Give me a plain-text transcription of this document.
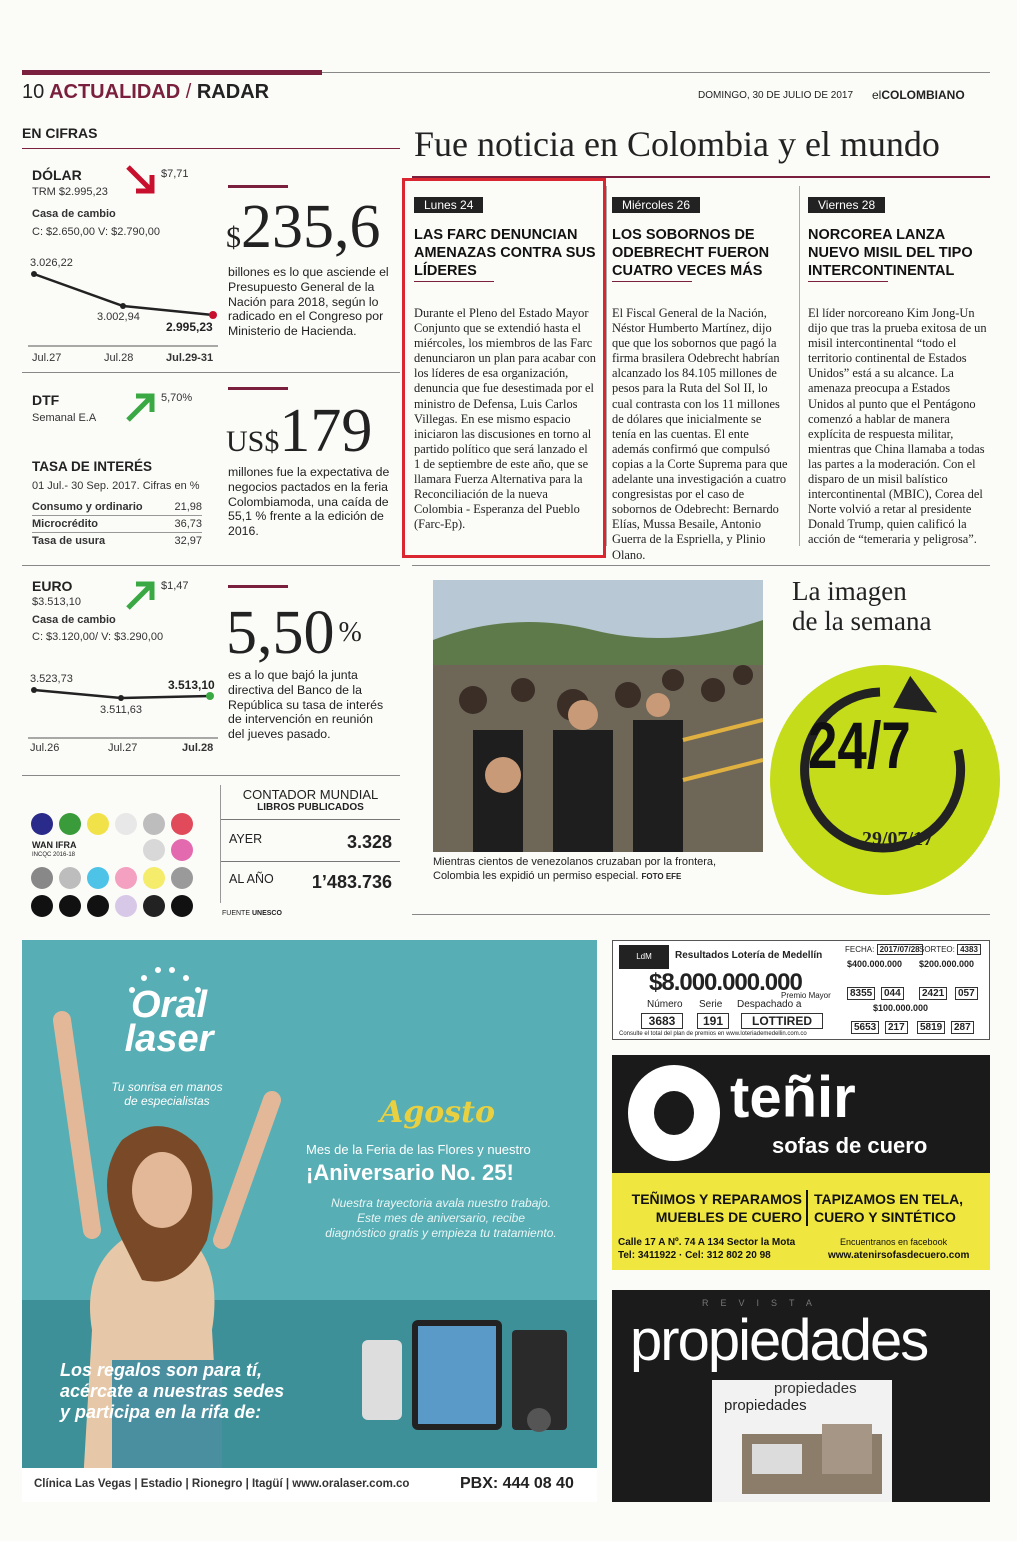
10 ACTUALIDAD / RADAR	DOMINGO, 30 DE JULIO DE 2017 elCOLOMBIANO
EN CIFRAS
DÓLAR	$7,71
TRM $2.995,23
Casa de cambio
C: $2.650,00 V: $2.790,00
3.026,22
3.002,94
2.995,23
Jul.27	Jul.28	Jul.29-31
$235,6
billones es lo que asciende el Presupuesto General de la Nación para 2018, según lo radicado en el Congreso por Ministerio de Hacienda.
DTF
Semanal E.A
5,70%
TASA DE INTERÉS
01 Jul.- 30 Sep. 2017. Cifras en %
Consumo y ordinario	21,98
Microcrédito	36,73
Tasa de usura	32,97
US$179
millones fue la expectativa de negocios pactados en la feria Colombiamoda, una caída de 55,1 % frente a la edición de 2016.
EURO
$3.513,10
$1,47
Casa de cambio
C: $3.120,00/ V: $3.290,00
3.523,73
3.511,63
3.513,10
Jul.26	Jul.27	Jul.28
5,50 %
es a lo que bajó la junta directiva del Banco de la República su tasa de interés de intervención en reunión del jueves pasado.
WAN IFRA
INCQC 2016-18
CONTADOR MUNDIAL
LIBROS PUBLICADOS
AYER	3.328
AL AÑO 1’483.736
FUENTE UNESCO
Fue noticia en Colombia y el mundo
Lunes 24
LAS FARC DENUNCIAN AMENAZAS CONTRA SUS LÍDERES
Durante el Pleno del Estado Mayor Conjunto que se extendió hasta el miércoles, los miembros de las Farc denunciaron un plan para acabar con los líderes de esa organización, denuncia que fue desestimada por el ministro de Defensa, Luis Carlos Villegas. En ese mismo espacio iniciaron las discusiones en torno al partido político que será lanzado el 1 de septiembre de este año, que se llamara Fuerza Alternativa para la Reconciliación de la nueva Colombia - Esperanza del Pueblo (Farc-Ep).
Miércoles 26
LOS SOBORNOS DE ODEBRECHT FUERON CUATRO VECES MÁS
El Fiscal General de la Nación, Néstor Humberto Martínez, dijo que que los sobornos que pagó la firma brasilera Odebrecht habrían alcanzado los 84.105 millones de pesos para la Ruta del Sol II, lo cual contrasta con los 11 millones de dólares que inicialmente se tenía en las cuentas. El ente además confirmó que compulsó copias a la Corte Suprema para que adelante una investigación a cuatro congresistas por el caso de sobornos de Odebrecht: Bernardo Elías, Mussa Besaile, Antonio Guerra de la Espriella, y Plinio Olano.
Viernes 28
NORCOREA LANZA NUEVO MISIL DEL TIPO INTERCONTINENTAL
El líder norcoreano Kim Jong-Un dijo que tras la prueba exitosa de un misil intercontinental “todo el territorio continental de Estados Unidos” está a su alcance. La amenaza preocupa a Estados Unidos al punto que el Pentágono comenzó a hablar de manera explícita de respuesta militar, mientras que China llamaba a todas las partes a la moderación. Con el disparo de un misil balístico intercontinental (MBIC), Corea del Norte volvió a retar al presidente Donald Trump, quien calificó la acción de “temeraria y peligrosa”.
Mientras cientos de venezolanos cruzaban por la frontera, Colombia les expidió un permiso especial. FOTO EFE
La imagen
de la semana
24/7
29/07/17
Oral
laser
Tu sonrisa en manos
de especialistas	Agosto
Mes de la Feria de las Flores y nuestro
¡Aniversario No. 25!
Nuestra trayectoria avala nuestro trabajo.
Este mes de aniversario, recibe
diagnóstico gratis y empieza tu tratamiento.
Los regalos son para tí,
acércate a nuestras sedes
y participa en la rifa de:
Clínica Las Vegas | Estadio | Rionegro | Itagüí | www.oralaser.com.co	PBX: 444 08 40
LdM	Resultados Lotería de Medellín
$8.000.000.000
Premio Mayor
Número
3683
Serie
191
Despachado a
LOTTIRED
Consulte el total del plan de premios en www.loteriademedellin.com.co
FECHA: 2017/07/28 SORTEO: 4383
$400.000.000
8355	044
$200.000.000
2421	057
$100.000.000
5653	217	5819	287
teñir
sofas de cuero
TEÑIMOS Y REPARAMOS
MUEBLES DE CUERO
TAPIZAMOS EN TELA,
CUERO Y SINTÉTICO
Calle 17 A Nº. 74 A 134 Sector la Mota
Tel: 3411922 · Cel: 312 802 20 98
Encuentranos en facebook
www.atenirsofasdecuero.com
REVISTA
propiedades
propiedades
propiedades
